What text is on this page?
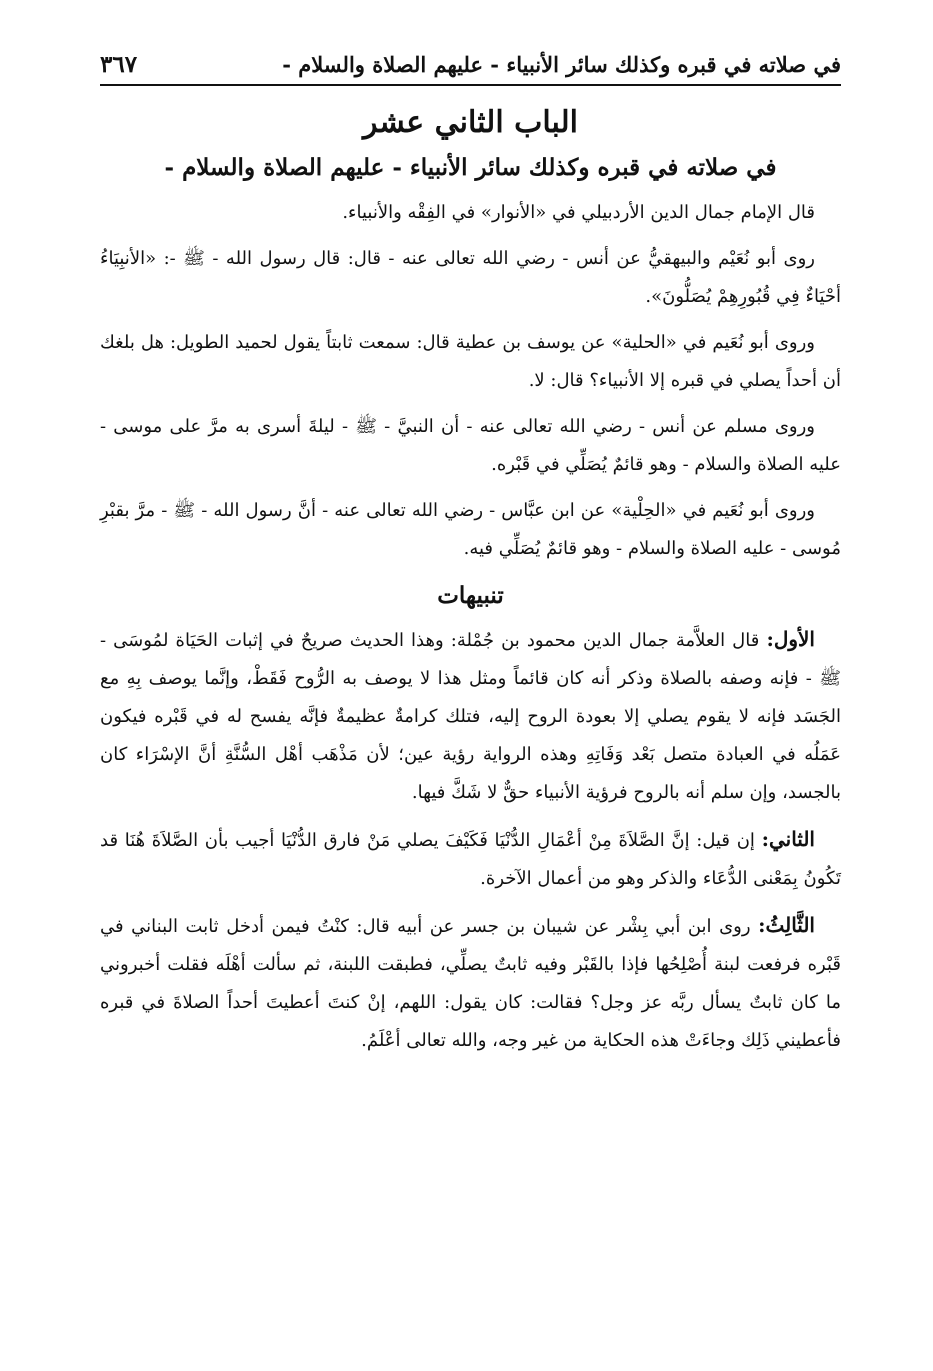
في صلاته في قبره وكذلك سائر الأنبياء - عليهم الصلاة والسلام -
٣٦٧
الباب الثاني عشر
في صلاته في قبره وكذلك سائر الأنبياء - عليهم الصلاة والسلام -

قال الإمام جمال الدين الأردبيلي في «الأنوار» في الفِقْه والأنبياء.

روى أبو نُعَيْم والبيهقيُّ عن أنس - رضي الله تعالى عنه - قال: قال رسول الله - ﷺ -: «الأنبِيَاءُ أحْيَاءٌ فِي قُبُورِهِمْ يُصَلُّونَ».

وروى أبو نُعَيم في «الحلية» عن يوسف بن عطية قال: سمعت ثابتاً يقول لحميد الطويل: هل بلغك أن أحداً يصلي في قبره إلا الأنبياء؟ قال: لا.

وروى مسلم عن أنس - رضي الله تعالى عنه - أن النبيَّ - ﷺ - ليلةَ أسرى به مرَّ على موسى - عليه الصلاة والسلام - وهو قائمٌ يُصَلِّي في قَبْره.

وروى أبو نُعَيم في «الحِلْية» عن ابن عبَّاس - رضي الله تعالى عنه - أنَّ رسول الله - ﷺ - مرَّ بقبْرِ مُوسى - عليه الصلاة والسلام - وهو قائمٌ يُصَلِّي فيه.

تنبيهات

الأول: قال العلاَّمة جمال الدين محمود بن جُمْلة: وهذا الحديث صريحٌ في إثبات الحَيَاة لمُوسَى - ﷺ - فإنه وصفه بالصلاة وذكر أنه كان قائماً ومثل هذا لا يوصف به الرُّوح فَقَطْ، وإنَّما يوصف بِهِ مع الجَسَد فإنه لا يقوم يصلي إلا بعودة الروح إليه، فتلك كرامةٌ عظيمةٌ فإنَّه يفسح له في قَبْره فيكون عَمَلُه في العبادة متصل بَعْد وَفَاتِهِ وهذه الرواية رؤية عين؛ لأن مَذْهَب أهْل السُّنَّةِ أنَّ الإسْرَاء كان بالجسد، وإن سلم أنه بالروح فرؤية الأنبياء حقٌّ لا شَكَّ فيها.

الثاني: إن قيل: إنَّ الصَّلاَةَ مِنْ أعْمَالِ الدُّنْيَا فَكَيْفَ يصلي مَنْ فارق الدُّنْيَا أجيب بأن الصَّلاَةَ هُنَا قد تَكُونُ بِمَعْنى الدُّعَاء والذكر وهو من أعمال الآخرة.

الثَّالِثُ: روى ابن أبي بِشْر عن شيبان بن جسر عن أبيه قال: كنْتُ فيمن أدخل ثابت البناني في قَبْره فرفعت لبنة أُصْلِحُها فإذا بالقَبْر وفيه ثابتٌ يصلِّي، فطبقت اللبنة، ثم سألت أهْلَه فقلت أخبروني ما كان ثابتٌ يسأل ربَّه عز وجل؟ فقالت: كان يقول: اللهم، إنْ كنتَ أعطيتَ أحداً الصلاةَ في قبره فأعطيني ذَلِك وجاءَتْ هذه الحكاية من غير وجه، والله تعالى أعْلَمُ.
